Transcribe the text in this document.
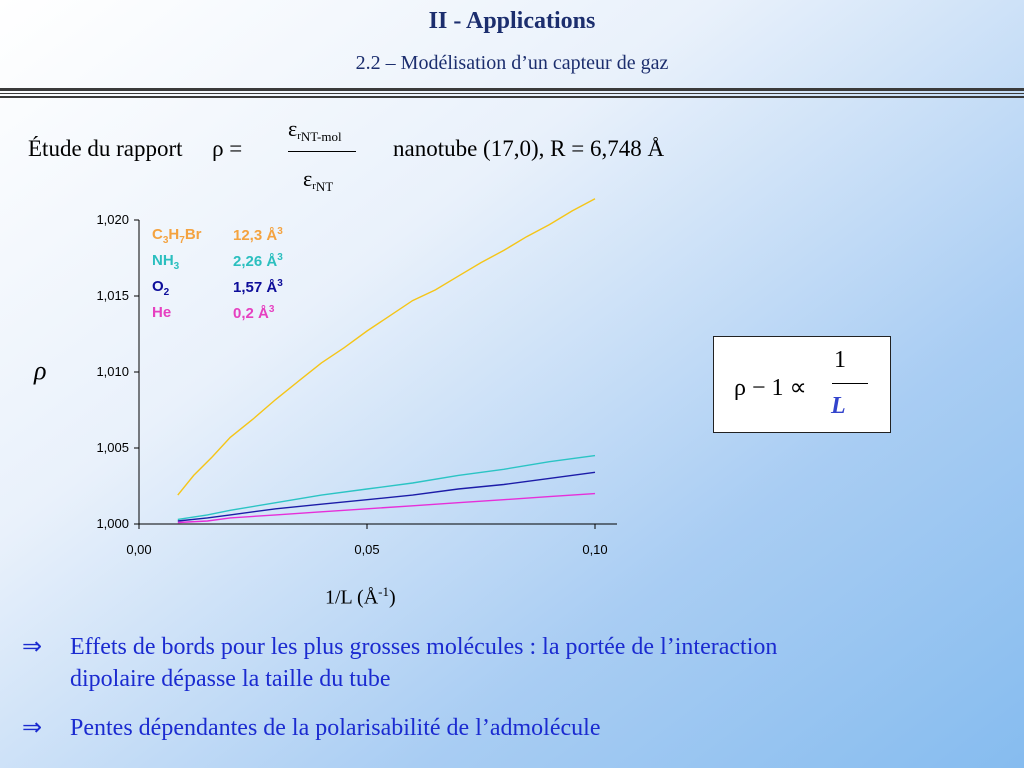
II - Applications
2.2 – Modélisation d’un capteur de gaz
Étude du rapport ρ =
$\varepsilon r_{NT-mol}$
$\varepsilon r_{NT}$
nanotube (17,0), R = 6,748 Å
ρ
1,000
1,005
1,010
1,015
1,020
0,00	0,05	0,10
$C_3H_7Br$ 12,3 $Å^3$
$NH_3$	2,26 $Å^3$
$O_2$	1,57 $Å^3$
He	0,2 $Å^3$
1/L $(Å^{-1})$
ρ − 1 ∝
1
L
⇒ Effets de bords pour les plus grosses molécules : la portée de l’interaction
dipolaire dépasse la taille du tube
⇒ Pentes dépendantes de la polarisabilité de l’admolécule
